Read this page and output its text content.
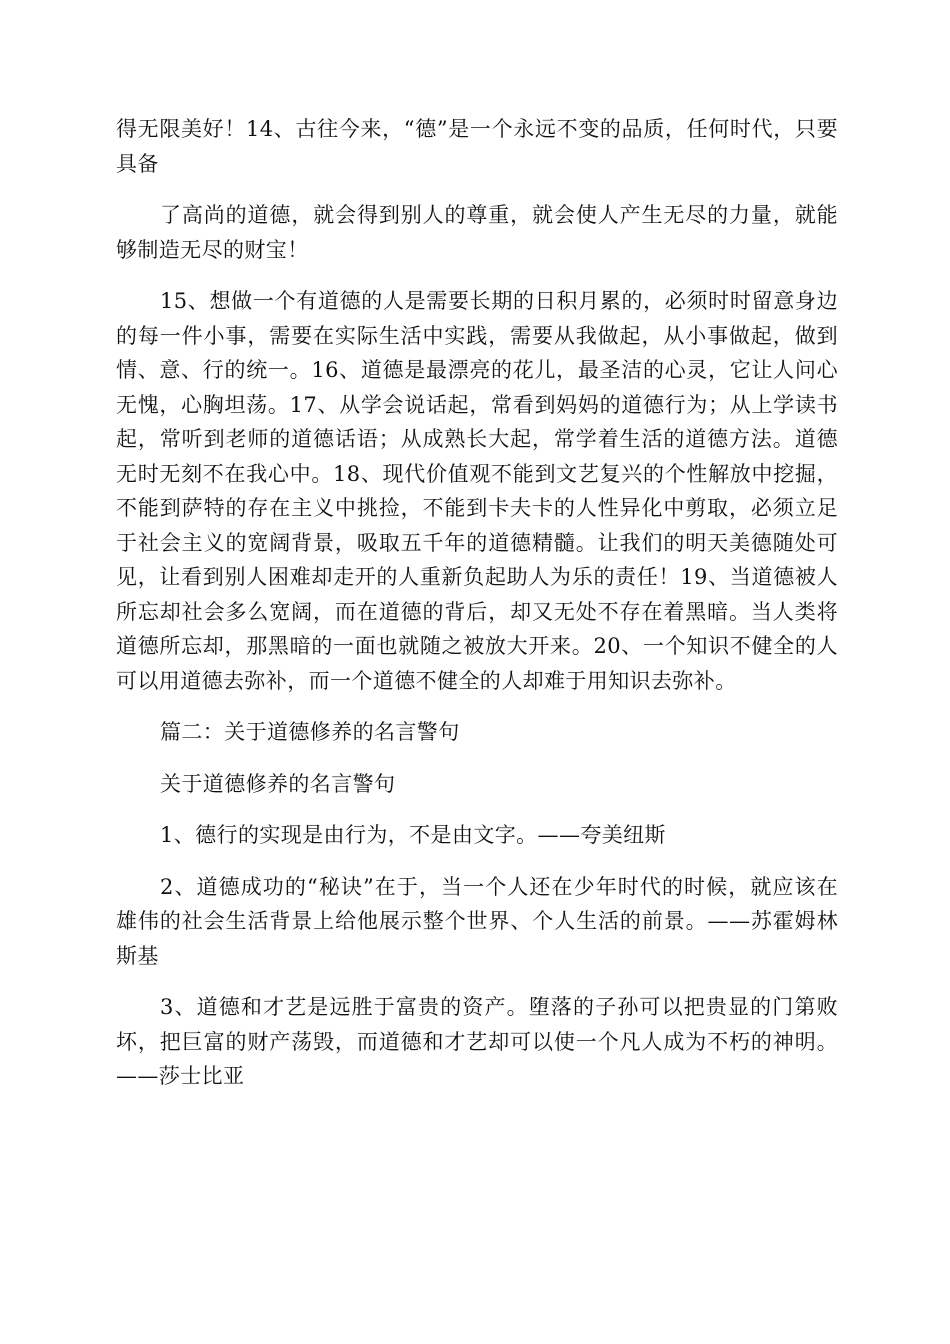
得无限美好！14、古往今来，“德”是一个永远不变的品质，任何时代，只要具备

了高尚的道德，就会得到别人的尊重，就会使人产生无尽的力量，就能够制造无尽的财宝！

15、想做一个有道德的人是需要长期的日积月累的，必须时时留意身边的每一件小事，需要在实际生活中实践，需要从我做起，从小事做起，做到情、意、行的统一。16、道德是最漂亮的花儿，最圣洁的心灵，它让人问心无愧，心胸坦荡。17、从学会说话起，常看到妈妈的道德行为；从上学读书起，常听到老师的道德话语；从成熟长大起，常学着生活的道德方法。道德无时无刻不在我心中。18、现代价值观不能到文艺复兴的个性解放中挖掘，不能到萨特的存在主义中挑捡，不能到卡夫卡的人性异化中剪取，必须立足于社会主义的宽阔背景，吸取五千年的道德精髓。让我们的明天美德随处可见，让看到别人困难却走开的人重新负起助人为乐的责任！19、当道德被人所忘却社会多么宽阔，而在道德的背后，却又无处不存在着黑暗。当人类将道德所忘却，那黑暗的一面也就随之被放大开来。20、一个知识不健全的人可以用道德去弥补，而一个道德不健全的人却难于用知识去弥补。

篇二：关于道德修养的名言警句

关于道德修养的名言警句

1、德行的实现是由行为，不是由文字。——夸美纽斯

2、道德成功的“秘诀”在于，当一个人还在少年时代的时候，就应该在雄伟的社会生活背景上给他展示整个世界、个人生活的前景。——苏霍姆林斯基

3、道德和才艺是远胜于富贵的资产。堕落的子孙可以把贵显的门第败坏，把巨富的财产荡毁，而道德和才艺却可以使一个凡人成为不朽的神明。——莎士比亚
